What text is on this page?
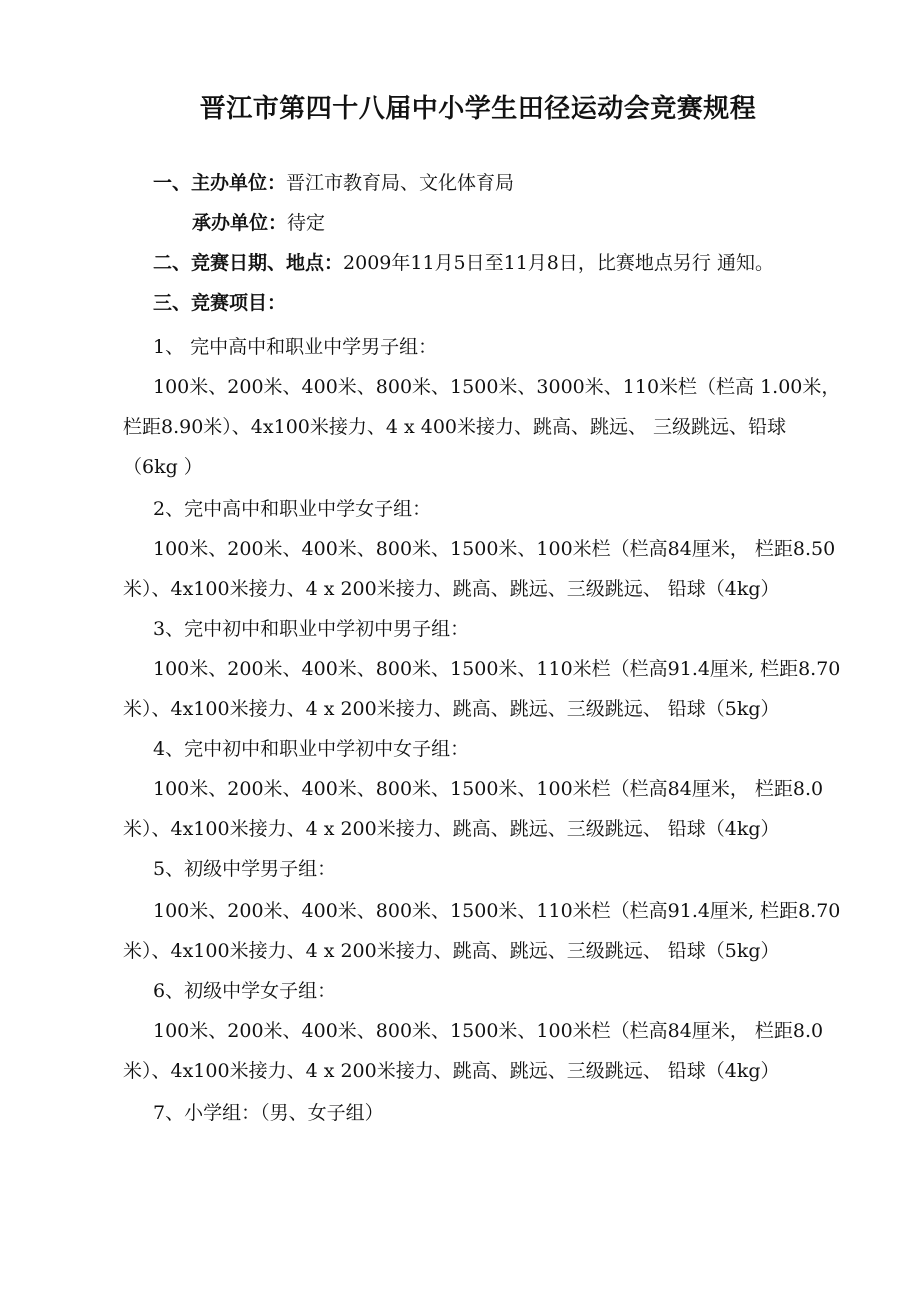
晋江市第四十八届中小学生田径运动会竞赛规程
一、主办单位：晋江市教育局、文化体育局
承办单位：待定
二、竞赛日期、地点：2009年11月5日至11月8日，比赛地点另行 通知。
三、竞赛项目：
1、 完中高中和职业中学男子组：
100米、200米、400米、800米、1500米、3000米、110米栏（栏高 1.00米，
栏距8.90米）、4x100米接力、4 x 400米接力、跳高、跳远、 三级跳远、铅球
（6kg ）
2、完中高中和职业中学女子组：
100米、200米、400米、800米、1500米、100米栏（栏高84厘米， 栏距8.50
米）、4x100米接力、4 x 200米接力、跳高、跳远、三级跳远、 铅球（4kg）
3、完中初中和职业中学初中男子组：
100米、200米、400米、800米、1500米、110米栏（栏高91.4厘米, 栏距8.70
米）、4x100米接力、4 x 200米接力、跳高、跳远、三级跳远、 铅球（5kg）
4、完中初中和职业中学初中女子组：
100米、200米、400米、800米、1500米、100米栏（栏高84厘米， 栏距8.0
米）、4x100米接力、4 x 200米接力、跳高、跳远、三级跳远、 铅球（4kg）
5、初级中学男子组：
100米、200米、400米、800米、1500米、110米栏（栏高91.4厘米, 栏距8.70
米）、4x100米接力、4 x 200米接力、跳高、跳远、三级跳远、 铅球（5kg）
6、初级中学女子组：
100米、200米、400米、800米、1500米、100米栏（栏高84厘米， 栏距8.0
米）、4x100米接力、4 x 200米接力、跳高、跳远、三级跳远、 铅球（4kg）
7、小学组：（男、女子组）
